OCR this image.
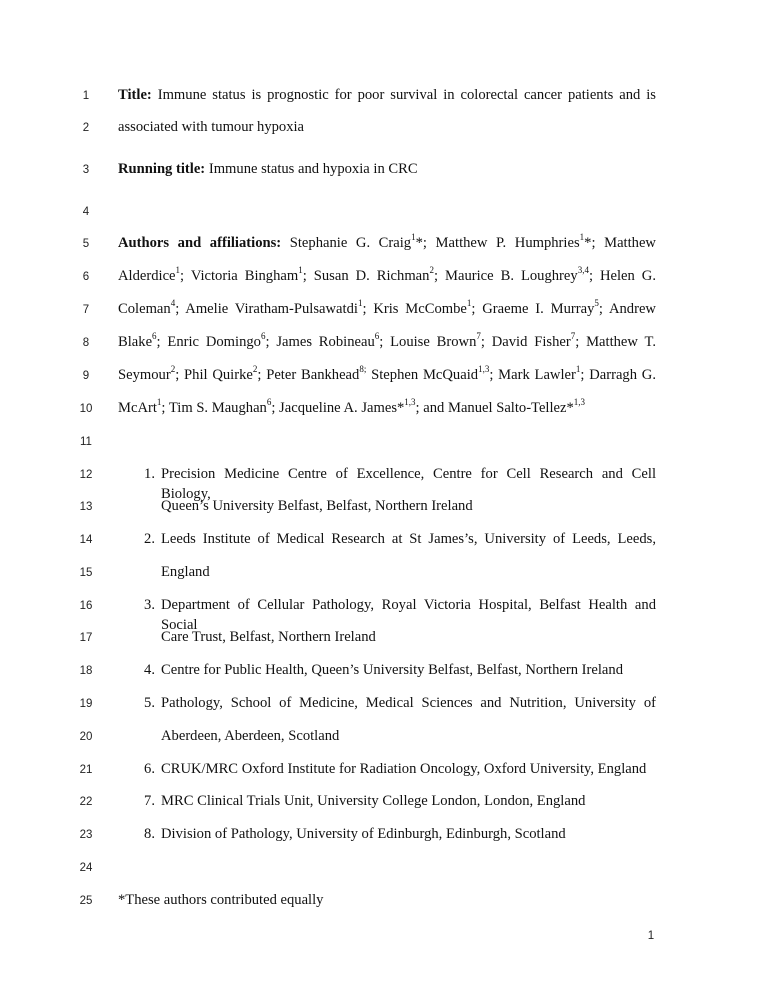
1
2
3
4
5
6
7
8
9
10
11
12
13
14
15
16
17
18
19
20
21
22
23
24
25
Title: Immune status is prognostic for poor survival in colorectal cancer patients and is
associated with tumour hypoxia
Running title: Immune status and hypoxia in CRC
Authors and affiliations: Stephanie G. Craig$^1$*; Matthew P. Humphries$^1$*; Matthew
Alderdice$^1$; Victoria Bingham$^1$; Susan D. Richman$^2$; Maurice B. Loughrey$^{3,4}$; Helen G.
Coleman$^4$; Amelie Viratham-Pulsawatdi$^1$; Kris McCombe$^1$; Graeme I. Murray$^5$; Andrew
Blake$^6$; Enric Domingo$^6$; James Robineau$^6$; Louise Brown$^7$; David Fisher$^7$; Matthew T.
Seymour$^2$; Phil Quirke$^2$; Peter Bankhead$^{8;}$ Stephen McQuaid$^{1,3}$; Mark Lawler$^1$; Darragh G.
McArt$^1$; Tim S. Maughan$^6$; Jacqueline A. James*$^{1,3}$; and Manuel Salto-Tellez*$^{1,3}$
1. Precision Medicine Centre of Excellence, Centre for Cell Research and Cell Biology,
Queen’s University Belfast, Belfast, Northern Ireland
2. Leeds Institute of Medical Research at St James’s, University of Leeds, Leeds,
England
3. Department of Cellular Pathology, Royal Victoria Hospital, Belfast Health and Social
Care Trust, Belfast, Northern Ireland
4. Centre for Public Health, Queen’s University Belfast, Belfast, Northern Ireland
5. Pathology, School of Medicine, Medical Sciences and Nutrition, University of
Aberdeen, Aberdeen, Scotland
6. CRUK/MRC Oxford Institute for Radiation Oncology, Oxford University, England
7. MRC Clinical Trials Unit, University College London, London, England
8. Division of Pathology, University of Edinburgh, Edinburgh, Scotland
*These authors contributed equally
1
